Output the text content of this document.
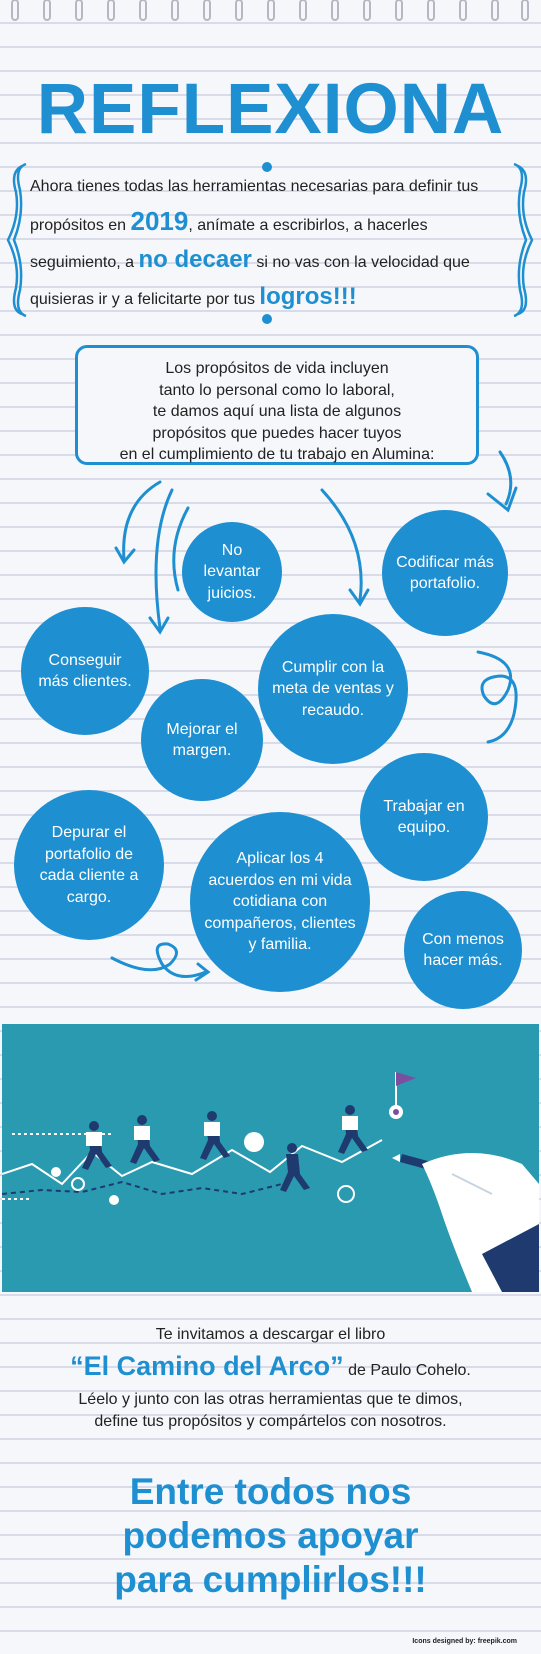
REFLEXIONA
Ahora tienes todas las herramientas necesarias para definir tus propósitos en 2019, anímate a escribirlos, a hacerles seguimiento, a no decaer si no vas con la velocidad que quisieras ir y a felicitarte por tus logros!!!
Los propósitos de vida incluyen
tanto lo personal como lo laboral,
te damos aquí una lista de algunos
propósitos que puedes hacer tuyos
en el cumplimiento de tu trabajo en Alumina:
No levantar juicios.
Codificar más portafolio.
Conseguir más clientes.
Cumplir con la meta de ventas y recaudo.
Mejorar el margen.
Trabajar en equipo.
Depurar el portafolio de cada cliente a cargo.
Aplicar los 4 acuerdos en mi vida cotidiana con compañeros, clientes y familia.	Con menos hacer más.
Te invitamos a descargar el libro
“El Camino del Arco” de Paulo Cohelo.
Léelo y junto con las otras herramientas que te dimos,
define tus propósitos y compártelos con nosotros.
Entre todos nos
podemos apoyar
para cumplirlos!!!
Icons designed by: freepik.com
